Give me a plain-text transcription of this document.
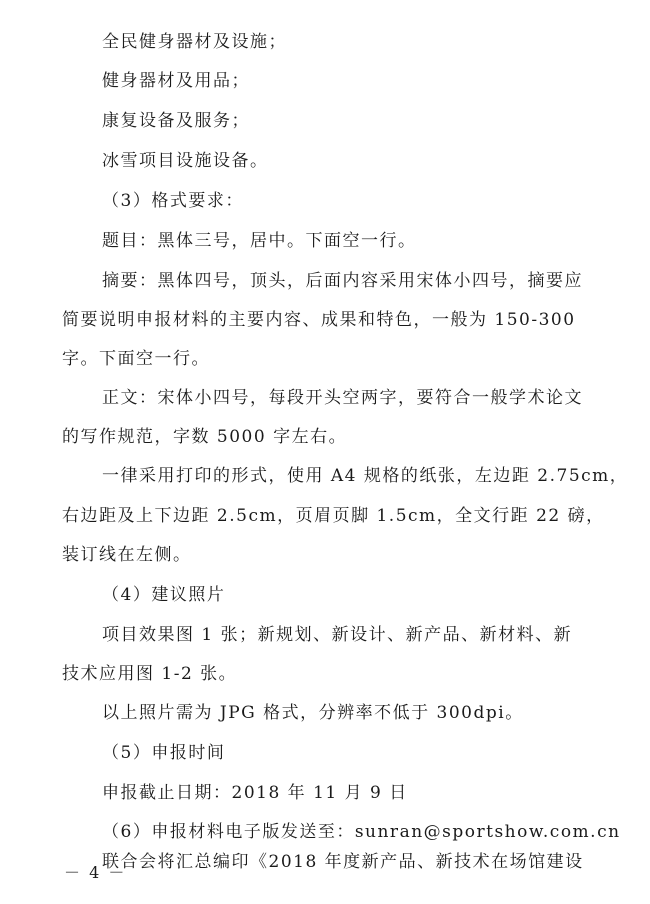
全民健身器材及设施；
健身器材及用品；
康复设备及服务；
冰雪项目设施设备。
（3）格式要求：
题目：黑体三号，居中。下面空一行。
摘要：黑体四号，顶头，后面内容采用宋体小四号，摘要应
简要说明申报材料的主要内容、成果和特色，一般为 150-300
字。下面空一行。
正文：宋体小四号，每段开头空两字，要符合一般学术论文
的写作规范，字数 5000 字左右。
一律采用打印的形式，使用 A4 规格的纸张，左边距 2.75cm，
右边距及上下边距 2.5cm，页眉页脚 1.5cm，全文行距 22 磅，
装订线在左侧。
（4）建议照片
项目效果图 1 张；新规划、新设计、新产品、新材料、新
技术应用图 1-2 张。
以上照片需为 JPG 格式，分辨率不低于 300dpi。
（5）申报时间
申报截止日期：2018 年 11 月 9 日
（6）申报材料电子版发送至：sunran@sportshow.com.cn
联合会将汇总编印《2018 年度新产品、新技术在场馆建设
－ 4 －
